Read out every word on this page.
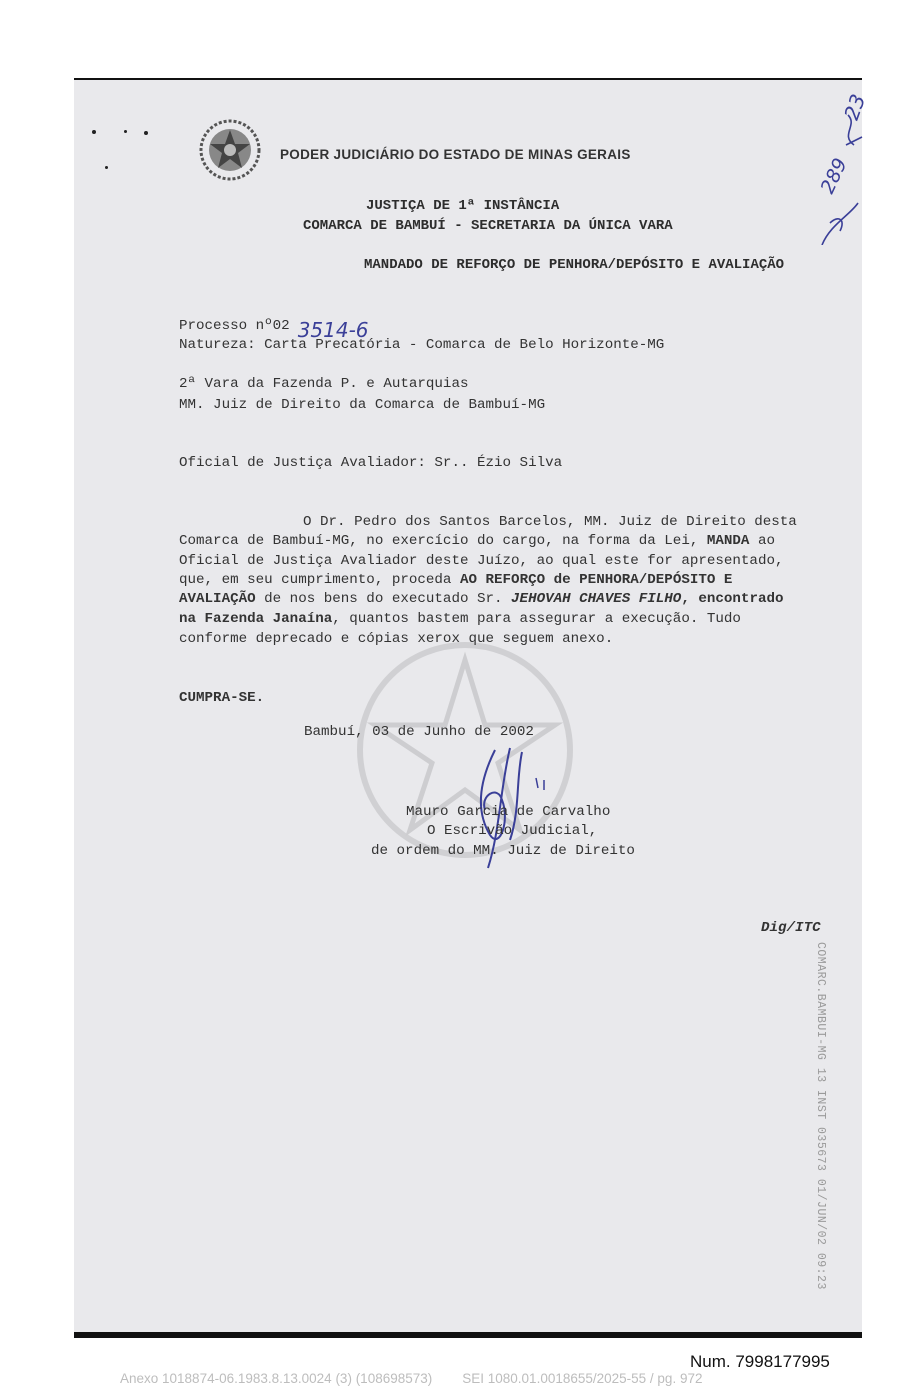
PODER JUDICIÁRIO DO ESTADO DE MINAS GERAIS
JUSTIÇA DE 1ª INSTÂNCIA
COMARCA DE BAMBUÍ - SECRETARIA DA ÚNICA VARA
MANDADO DE REFORÇO DE PENHORA/DEPÓSITO E AVALIAÇÃO
23
289
Processo nº02 3514-6
Natureza: Carta Precatória - Comarca de Belo Horizonte-MG
2ª Vara da Fazenda P. e Autarquias
MM. Juiz de Direito da Comarca de Bambuí-MG
Oficial de Justiça Avaliador: Sr.. Ézio Silva
O Dr. Pedro dos Santos Barcelos, MM. Juiz de Direito desta
Comarca de Bambuí-MG, no exercício do cargo, na forma da Lei, MANDA ao
Oficial de Justiça Avaliador deste Juízo, ao qual este for apresentado,
que, em seu cumprimento, proceda AO REFORÇO de PENHORA/DEPÓSITO E
AVALIAÇÃO de nos bens do executado Sr. JEHOVAH CHAVES FILHO, encontrado
na Fazenda Janaína, quantos bastem para assegurar a execução. Tudo
conforme deprecado e cópias xerox que seguem anexo.
CUMPRA-SE.
Bambuí, 03 de Junho de 2002
Mauro Garcia de Carvalho
O Escrivão Judicial,
de ordem do MM. Juiz de Direito
Dig/ITC
COMARC.BAMBUI-MG 13 INST 035673 01/JUN/02 09:23
Num. 7998177995
Anexo 1018874-06.1983.8.13.0024 (3) (108698573)        SEI 1080.01.0018655/2025-55 / pg. 972
